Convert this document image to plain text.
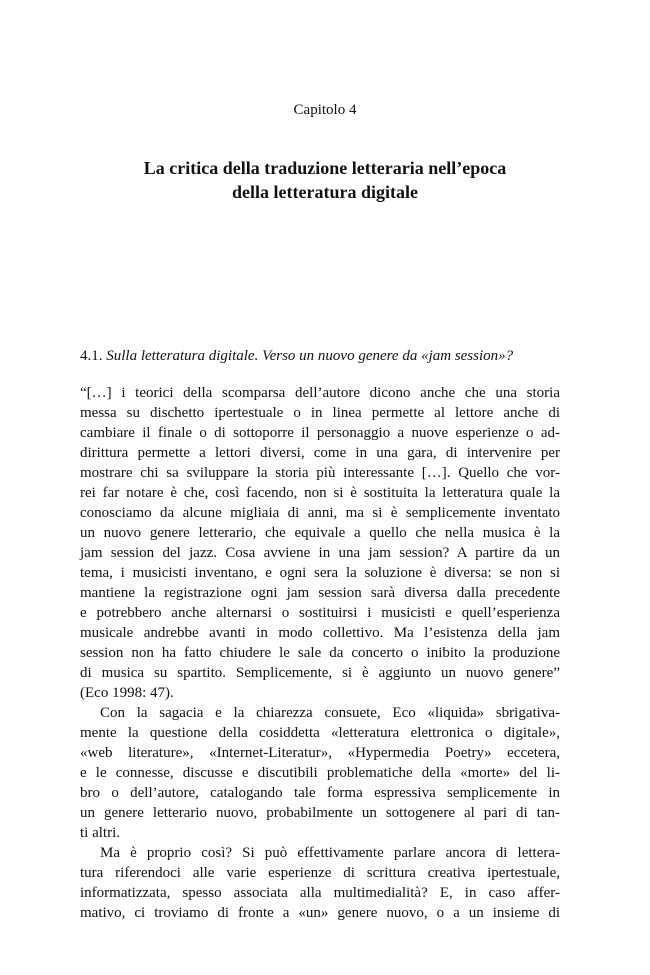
Capitolo 4
La critica della traduzione letteraria nell’epoca
della letteratura digitale
4.1. Sulla letteratura digitale. Verso un nuovo genere da «jam session»?
“[…] i teorici della scomparsa dell’autore dicono anche che una storia
messa su dischetto ipertestuale o in linea permette al lettore anche di
cambiare il finale o di sottoporre il personaggio a nuove esperienze o ad-
dirittura permette a lettori diversi, come in una gara, di intervenire per
mostrare chi sa sviluppare la storia più interessante […]. Quello che vor-
rei far notare è che, così facendo, non si è sostituita la letteratura quale la
conosciamo da alcune migliaia di anni, ma si è semplicemente inventato
un nuovo genere letterario, che equivale a quello che nella musica è la
jam session del jazz. Cosa avviene in una jam session? A partire da un
tema, i musicisti inventano, e ogni sera la soluzione è diversa: se non si
mantiene la registrazione ogni jam session sarà diversa dalla precedente
e potrebbero anche alternarsi o sostituirsi i musicisti e quell’esperienza
musicale andrebbe avanti in modo collettivo. Ma l’esistenza della jam
session non ha fatto chiudere le sale da concerto o inibito la produzione
di musica su spartito. Semplicemente, si è aggiunto un nuovo genere”
(Eco 1998: 47).
Con la sagacia e la chiarezza consuete, Eco «liquida» sbrigativa-
mente la questione della cosiddetta «letteratura elettronica o digitale»,
«web literature», «Internet-Literatur», «Hypermedia Poetry» eccetera,
e le connesse, discusse e discutibili problematiche della «morte» del li-
bro o dell’autore, catalogando tale forma espressiva semplicemente in
un genere letterario nuovo, probabilmente un sottogenere al pari di tan-
ti altri.
Ma è proprio così? Si può effettivamente parlare ancora di lettera-
tura riferendoci alle varie esperienze di scrittura creativa ipertestuale,
informatizzata, spesso associata alla multimedialità? E, in caso affer-
mativo, ci troviamo di fronte a «un» genere nuovo, o a un insieme di
